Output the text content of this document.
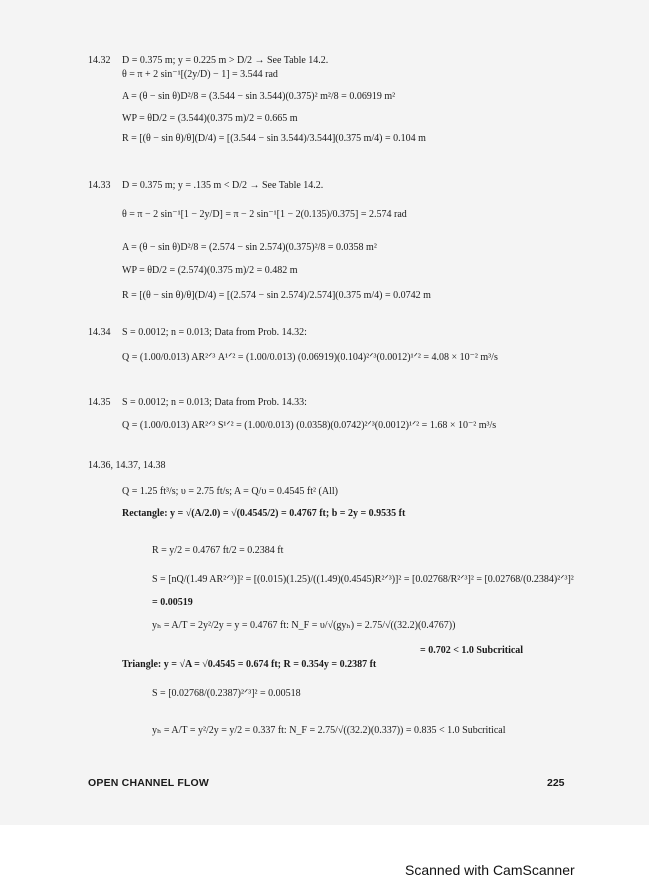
14.32 D = 0.375 m; y = 0.225 m > D/2 → See Table 14.2.
θ = π + 2 sin⁻¹[(2y/D) − 1] = 3.544 rad
A = (θ − sin θ)D²/8 = (3.544 − sin 3.544)(0.375)² m²/8 = 0.06919 m²
WP = θD/2 = (3.544)(0.375 m)/2 = 0.665 m
R = [(θ − sin θ)/θ](D/4) = [(3.544 − sin 3.544)/3.544](0.375 m/4) = 0.104 m
14.33 D = 0.375 m; y = .135 m < D/2 → See Table 14.2.
θ = π − 2 sin⁻¹[1 − 2y/D] = π − 2 sin⁻¹[1 − 2(0.135)/0.375] = 2.574 rad
A = (θ − sin θ)D²/8 = (2.574 − sin 2.574)(0.375)²/8 = 0.0358 m²
WP = θD/2 = (2.574)(0.375 m)/2 = 0.482 m
R = [(θ − sin θ)/θ](D/4) = [(2.574 − sin 2.574)/2.574](0.375 m/4) = 0.0742 m
14.34 S = 0.0012; n = 0.013; Data from Prob. 14.32:
Q = (1.00/0.013) AR²ᐟ³ A¹ᐟ² = (1.00/0.013) (0.06919)(0.104)²ᐟ³(0.0012)¹ᐟ² = 4.08 × 10⁻² m³/s
14.35 S = 0.0012; n = 0.013; Data from Prob. 14.33:
Q = (1.00/0.013) AR²ᐟ³ S¹ᐟ² = (1.00/0.013) (0.0358)(0.0742)²ᐟ³(0.0012)¹ᐟ² = 1.68 × 10⁻² m³/s
14.36, 14.37, 14.38
Q = 1.25 ft³/s; υ = 2.75 ft/s; A = Q/υ = 0.4545 ft² (All)
Rectangle: y = √(A/2.0) = √(0.4545/2) = 0.4767 ft; b = 2y = 0.9535 ft
R = y/2 = 0.4767 ft/2 = 0.2384 ft
S = [nQ/(1.49 AR²ᐟ³)]² = [(0.015)(1.25)/((1.49)(0.4545)R²ᐟ³)]² = [0.02768/R²ᐟ³]² = [0.02768/(0.2384)²ᐟ³]²
= 0.00519
yₕ = A/T = 2y²/2y = y = 0.4767 ft: N_F = υ/√(gyₕ) = 2.75/√((32.2)(0.4767))
= 0.702 < 1.0 Subcritical
Triangle: y = √A = √0.4545 = 0.674 ft; R = 0.354y = 0.2387 ft
S = [0.02768/(0.2387)²ᐟ³]² = 0.00518
yₕ = A/T = y²/2y = y/2 = 0.337 ft: N_F = 2.75/√((32.2)(0.337)) = 0.835 < 1.0 Subcritical
OPEN CHANNEL FLOW	225
Scanned with CamScanner
